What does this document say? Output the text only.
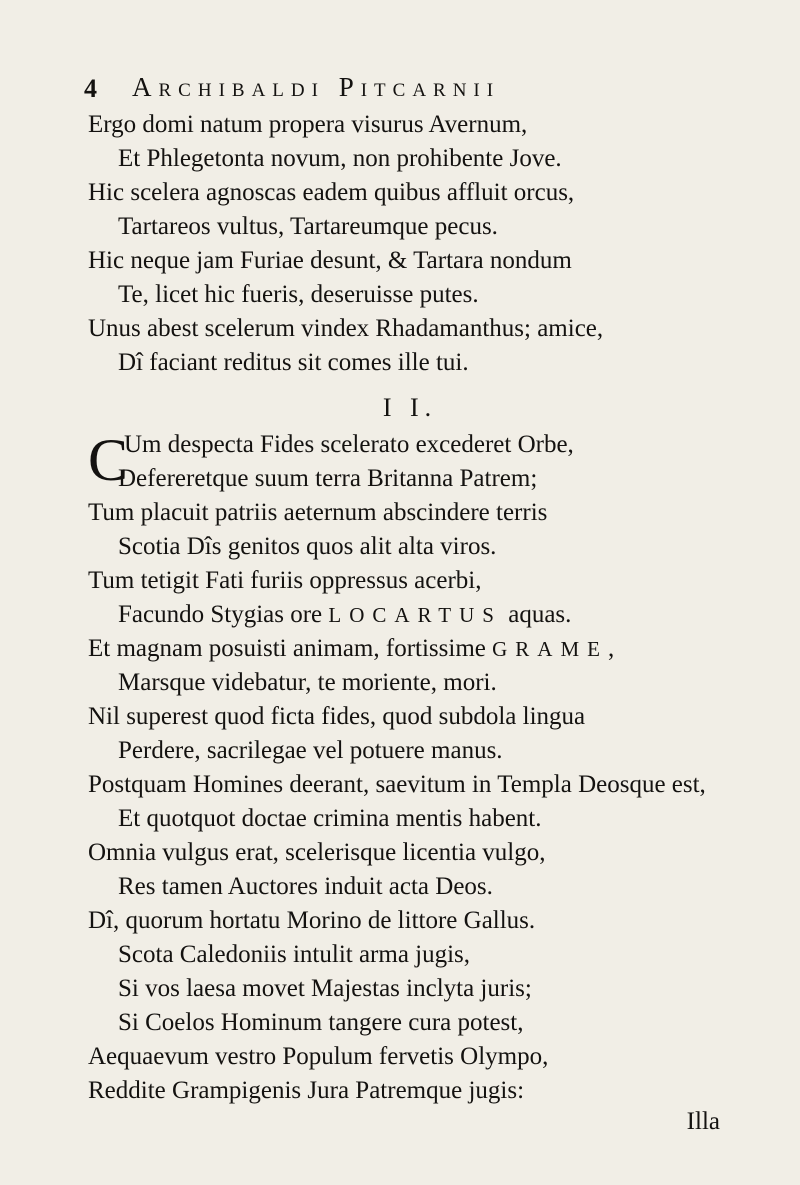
4 Archibaldi Pitcarnii
Ergo domi natum propera visurus Avernum,
Et Phlegetonta novum, non prohibente Jove.
Hic scelera agnoscas eadem quibus affluit orcus,
Tartareos vultus, Tartareumque pecus.
Hic neque jam Furiae desunt, & Tartara nondum
Te, licet hic fueris, deseruisse putes.
Unus abest scelerum vindex Rhadamanthus; amice,
Dî faciant reditus sit comes ille tui.
I I.
C
Um despecta Fides scelerato excederet Orbe,
Defereretque suum terra Britanna Patrem;
Tum placuit patriis aeternum abscindere terris
Scotia Dîs genitos quos alit alta viros.
Tum tetigit Fati furiis oppressus acerbi,
Facundo Stygias ore LOCARTUS aquas.
Et magnam posuisti animam, fortissime GRAME,
Marsque videbatur, te moriente, mori.
Nil superest quod ficta fides, quod subdola lingua
Perdere, sacrilegae vel potuere manus.
Postquam Homines deerant, saevitum in Templa Deosque est,
Et quotquot doctae crimina mentis habent.
Omnia vulgus erat, scelerisque licentia vulgo,
Res tamen Auctores induit acta Deos.
Dî, quorum hortatu Morino de littore Gallus.
Scota Caledoniis intulit arma jugis,
Si vos laesa movet Majestas inclyta juris;
Si Coelos Hominum tangere cura potest,
Aequaevum vestro Populum fervetis Olympo,
Reddite Grampigenis Jura Patremque jugis:
Illa
